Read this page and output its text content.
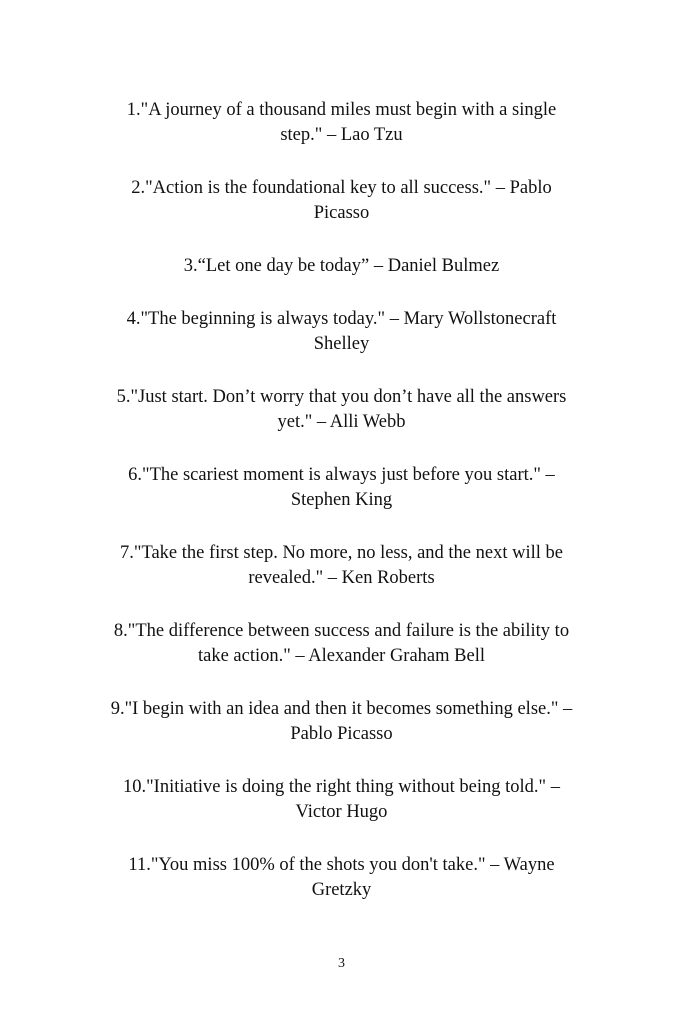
1."A journey of a thousand miles must begin with a single step." – Lao Tzu

2."Action is the foundational key to all success." – Pablo Picasso

3.“Let one day be today” – Daniel Bulmez

4."The beginning is always today." – Mary Wollstonecraft Shelley

5."Just start. Don’t worry that you don’t have all the answers yet." – Alli Webb

6."The scariest moment is always just before you start." – Stephen King

7."Take the first step. No more, no less, and the next will be revealed." – Ken Roberts

8."The difference between success and failure is the ability to take action." – Alexander Graham Bell

9."I begin with an idea and then it becomes something else." – Pablo Picasso

10."Initiative is doing the right thing without being told." – Victor Hugo

11."You miss 100% of the shots you don't take." – Wayne Gretzky

3
